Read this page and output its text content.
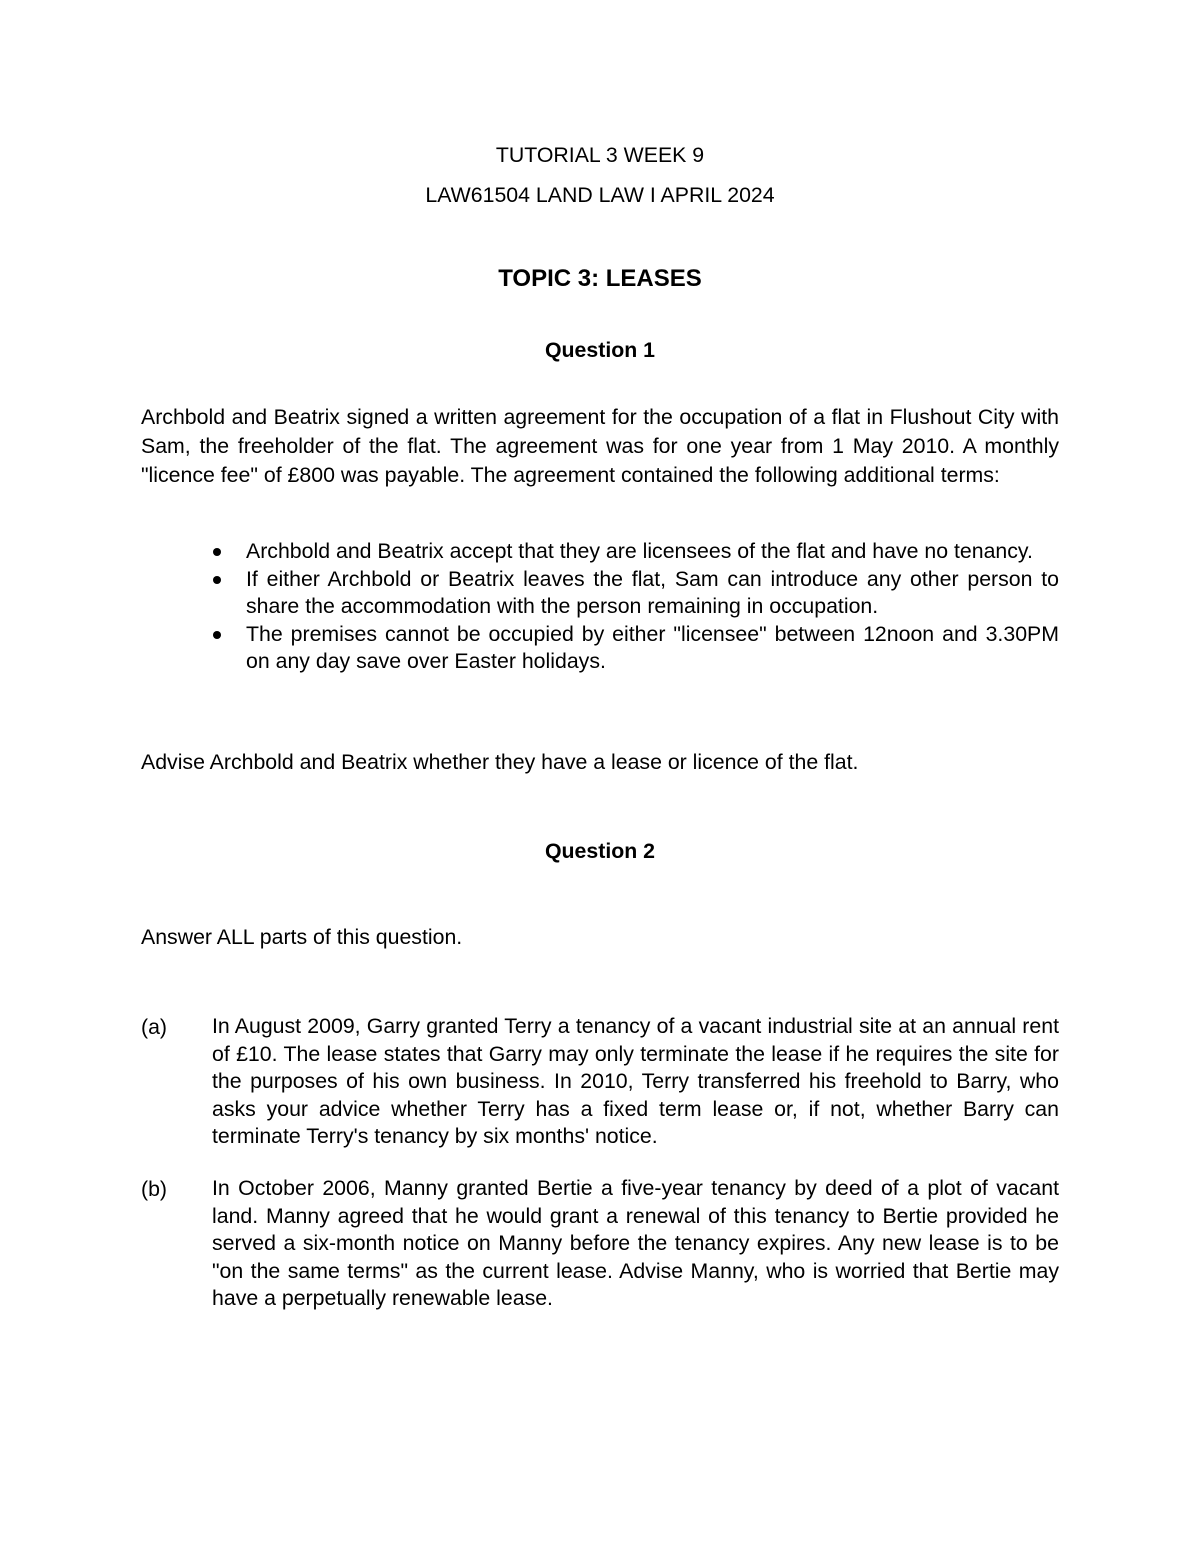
TUTORIAL 3 WEEK 9
LAW61504 LAND LAW I APRIL 2024
TOPIC 3: LEASES
Question 1

Archbold and Beatrix signed a written agreement for the occupation of a flat in Flushout City with Sam, the freeholder of the flat. The agreement was for one year from 1 May 2010. A monthly "licence fee" of £800 was payable. The agreement contained the following additional terms:

Archbold and Beatrix accept that they are licensees of the flat and have no tenancy.
If either Archbold or Beatrix leaves the flat, Sam can introduce any other person to share the accommodation with the person remaining in occupation.
The premises cannot be occupied by either "licensee" between 12noon and 3.30PM on any day save over Easter holidays.

Advise Archbold and Beatrix whether they have a lease or licence of the flat.

Question 2

Answer ALL parts of this question.

(a) In August 2009, Garry granted Terry a tenancy of a vacant industrial site at an annual rent of £10. The lease states that Garry may only terminate the lease if he requires the site for the purposes of his own business. In 2010, Terry transferred his freehold to Barry, who asks your advice whether Terry has a fixed term lease or, if not, whether Barry can terminate Terry's tenancy by six months' notice.
(b) In October 2006, Manny granted Bertie a five-year tenancy by deed of a plot of vacant land. Manny agreed that he would grant a renewal of this tenancy to Bertie provided he served a six-month notice on Manny before the tenancy expires. Any new lease is to be "on the same terms" as the current lease. Advise Manny, who is worried that Bertie may have a perpetually renewable lease.
